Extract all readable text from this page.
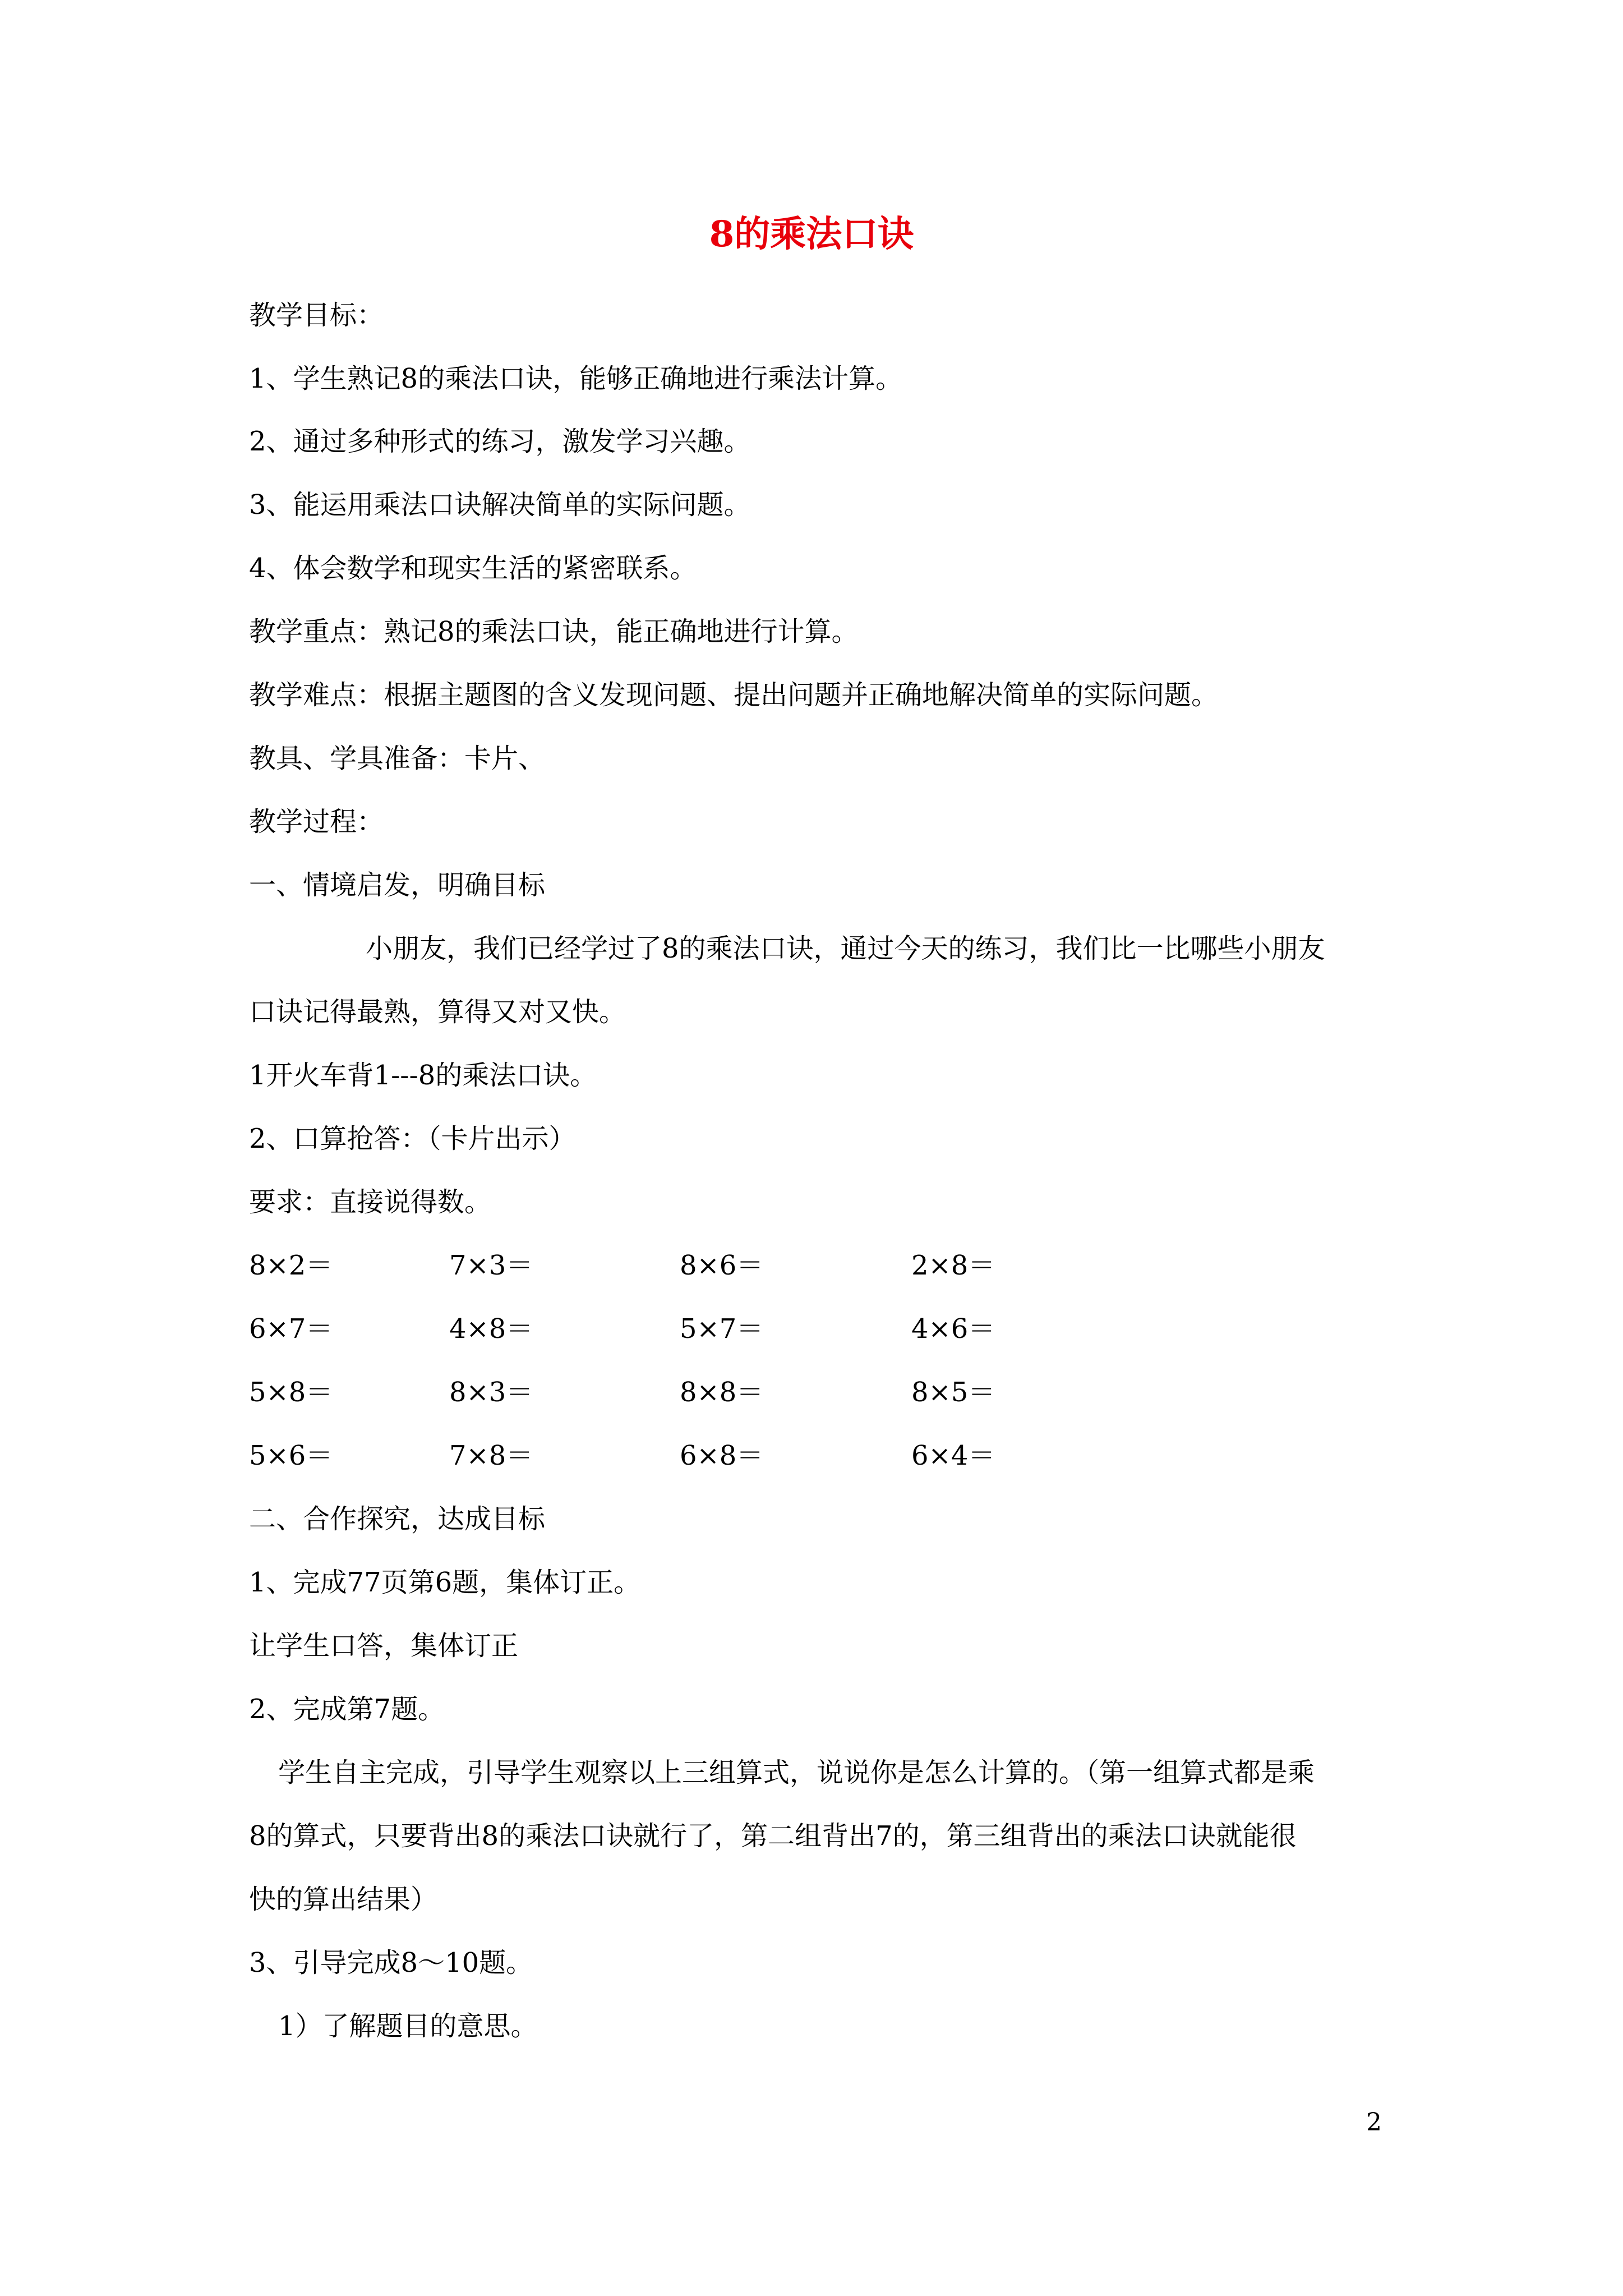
8的乘法口诀
教学目标：
1、学生熟记8的乘法口诀，能够正确地进行乘法计算。
2、通过多种形式的练习，激发学习兴趣。
3、能运用乘法口诀解决简单的实际问题。
4、体会数学和现实生活的紧密联系。
教学重点：熟记8的乘法口诀，能正确地进行计算。
教学难点：根据主题图的含义发现问题、提出问题并正确地解决简单的实际问题。
教具、学具准备：卡片、
教学过程：
一、情境启发，明确目标
小朋友，我们已经学过了8的乘法口诀，通过今天的练习，我们比一比哪些小朋友
口诀记得最熟，算得又对又快。
1开火车背1---8的乘法口诀。
2、口算抢答：（卡片出示）
要求：直接说得数。
8×2＝	7×3＝	8×6＝	2×8＝
6×7＝	4×8＝	5×7＝	4×6＝
5×8＝	8×3＝	8×8＝	8×5＝
5×6＝	7×8＝	6×8＝	6×4＝
二、合作探究，达成目标
1、完成77页第6题，集体订正。
让学生口答，集体订正
2、完成第7题。
学生自主完成，引导学生观察以上三组算式，说说你是怎么计算的。（第一组算式都是乘
8的算式，只要背出8的乘法口诀就行了，第二组背出7的，第三组背出的乘法口诀就能很
快的算出结果）
3、引导完成8～10题。
1）了解题目的意思。
2
